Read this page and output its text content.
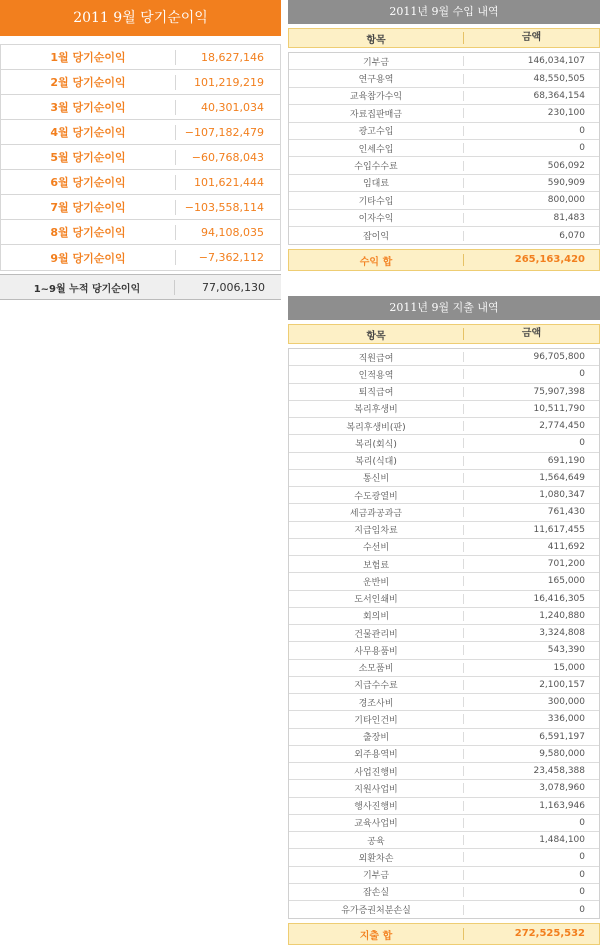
2011 9월 당기순이익
1월 당기순이익	18,627,146
2월 당기순이익	101,219,219
3월 당기순이익	40,301,034
4월 당기순이익	−107,182,479
5월 당기순이익	−60,768,043
6월 당기순이익	101,621,444
7월 당기순이익	−103,558,114
8월 당기순이익	94,108,035
9월 당기순이익	−7,362,112
1~9월 누적 당기순이익	77,006,130
2011년 9월 수입 내역
항목	금액
기부금	146,034,107
연구용역	48,550,505
교육참가수익	68,364,154
자료집판매금	230,100
광고수입	0
인세수입	0
수입수수료	506,092
임대료	590,909
기타수입	800,000
이자수익	81,483
잡이익	6,070
수익 합	265,163,420
2011년 9월 지출 내역
항목	금액
직원급여	96,705,800
인적용역	0
퇴직급여	75,907,398
복리후생비	10,511,790
복리후생비(판)	2,774,450
복리(회식)	0
복리(식대)	691,190
통신비	1,564,649
수도광열비	1,080,347
세금과공과금	761,430
지급임차료	11,617,455
수선비	411,692
보험료	701,200
운반비	165,000
도서인쇄비	16,416,305
회의비	1,240,880
건물관리비	3,324,808
사무용품비	543,390
소모품비	15,000
지급수수료	2,100,157
경조사비	300,000
기타인건비	336,000
출장비	6,591,197
외주용역비	9,580,000
사업진행비	23,458,388
지원사업비	3,078,960
행사진행비	1,163,946
교육사업비	0
공육	1,484,100
외환차손	0
기부금	0
잡손실	0
유가증권처분손실	0
지출 합	272,525,532
